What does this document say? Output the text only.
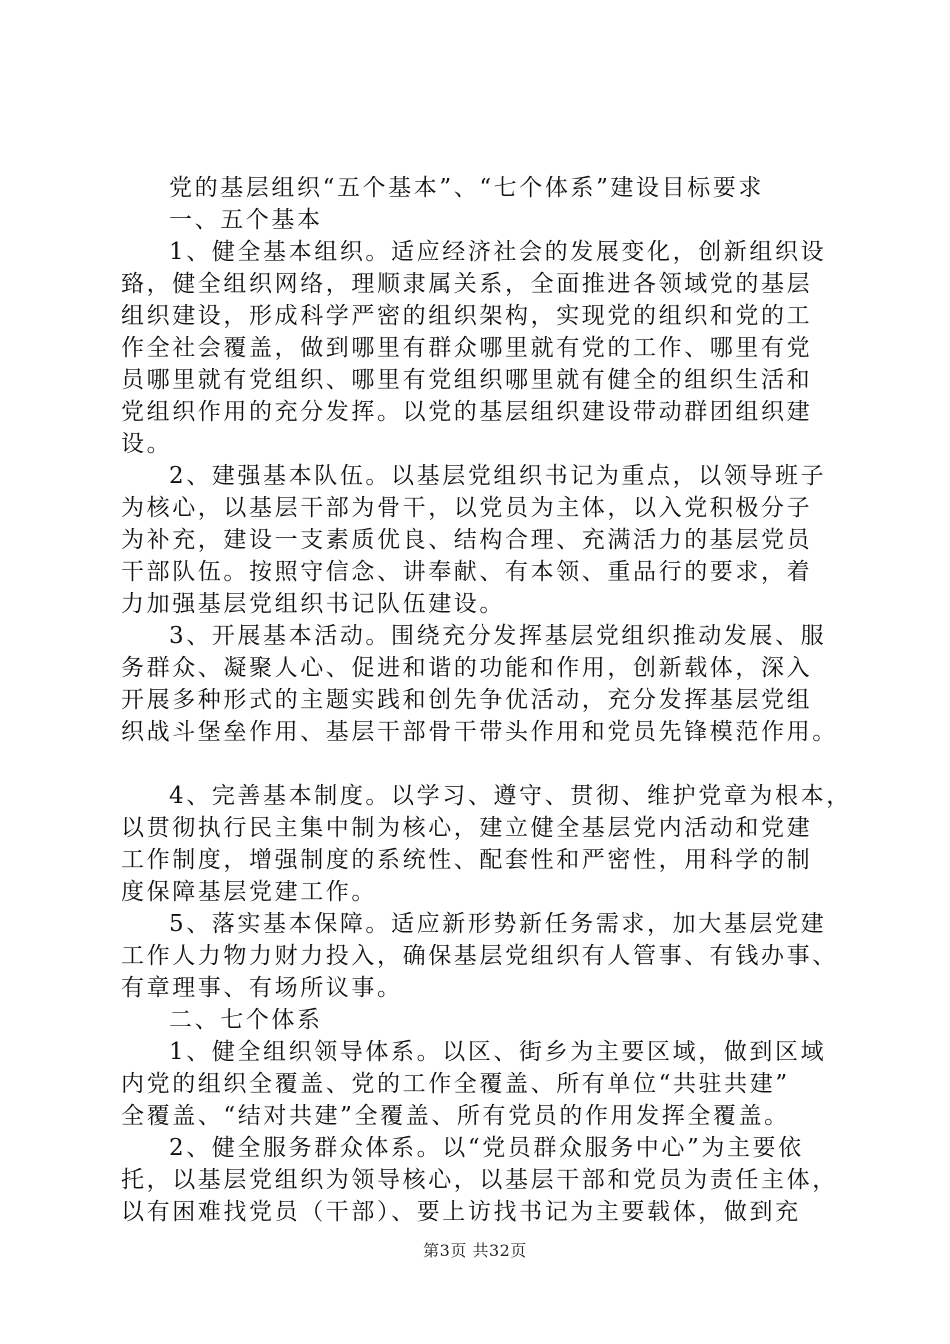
党的基层组织“五个基本”、“七个体系”建设目标要求
一、五个基本
1、健全基本组织。适应经济社会的发展变化，创新组织设
臵，健全组织网络，理顺隶属关系，全面推进各领域党的基层
组织建设，形成科学严密的组织架构，实现党的组织和党的工
作全社会覆盖，做到哪里有群众哪里就有党的工作、哪里有党
员哪里就有党组织、哪里有党组织哪里就有健全的组织生活和
党组织作用的充分发挥。以党的基层组织建设带动群团组织建
设。
2、建强基本队伍。以基层党组织书记为重点，以领导班子
为核心，以基层干部为骨干，以党员为主体，以入党积极分子
为补充，建设一支素质优良、结构合理、充满活力的基层党员
干部队伍。按照守信念、讲奉献、有本领、重品行的要求，着
力加强基层党组织书记队伍建设。
3、开展基本活动。围绕充分发挥基层党组织推动发展、服
务群众、凝聚人心、促进和谐的功能和作用，创新载体，深入
开展多种形式的主题实践和创先争优活动，充分发挥基层党组
织战斗堡垒作用、基层干部骨干带头作用和党员先锋模范作用。
4、完善基本制度。以学习、遵守、贯彻、维护党章为根本，
以贯彻执行民主集中制为核心，建立健全基层党内活动和党建
工作制度，增强制度的系统性、配套性和严密性，用科学的制
度保障基层党建工作。
5、落实基本保障。适应新形势新任务需求，加大基层党建
工作人力物力财力投入，确保基层党组织有人管事、有钱办事、
有章理事、有场所议事。
二、七个体系
1、健全组织领导体系。以区、街乡为主要区域，做到区域
内党的组织全覆盖、党的工作全覆盖、所有单位“共驻共建”
全覆盖、“结对共建”全覆盖、所有党员的作用发挥全覆盖。
2、健全服务群众体系。以“党员群众服务中心”为主要依
托，以基层党组织为领导核心，以基层干部和党员为责任主体，
以有困难找党员（干部）、要上访找书记为主要载体，做到充
第3页 共32页
